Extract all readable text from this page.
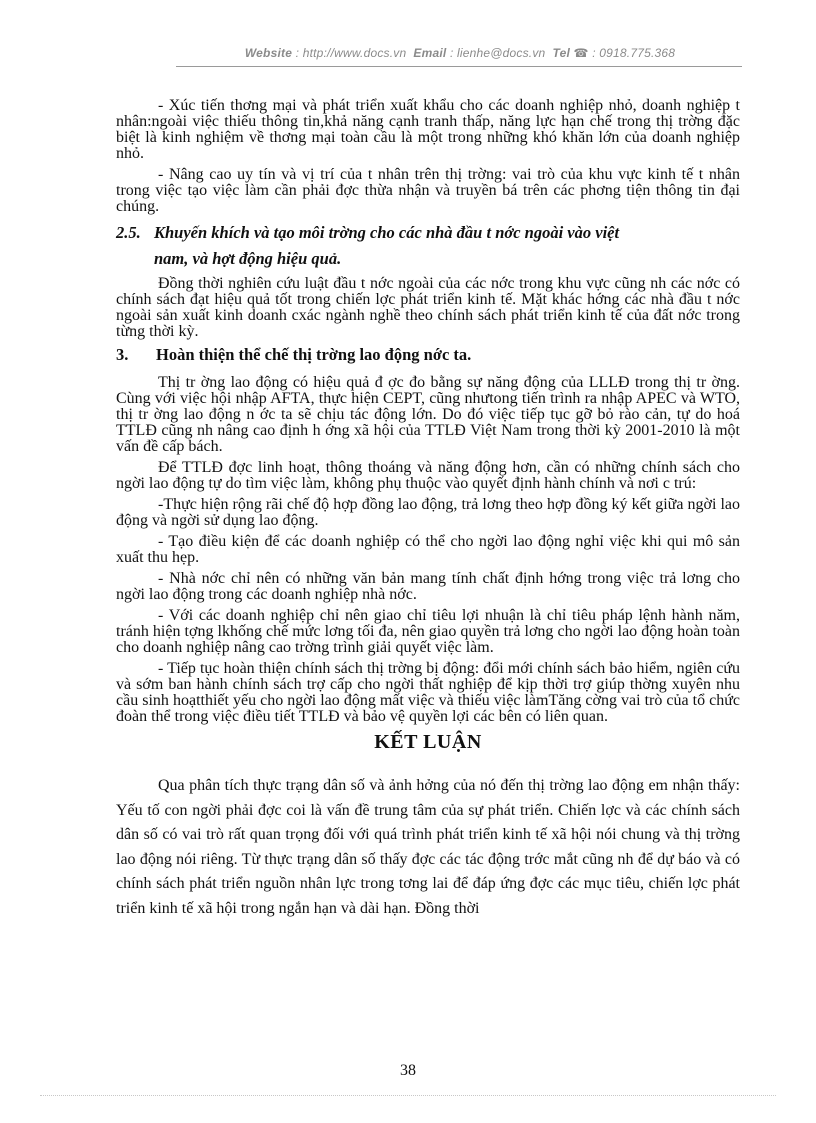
Website : http://www.docs.vn Email : lienhe@docs.vn Tel ☎ : 0918.775.368

- Xúc tiến thơng mại và phát triển xuất khẩu cho các doanh nghiệp nhỏ, doanh nghiệp t nhân:ngoài việc thiếu thông tin,khả năng cạnh tranh thấp, năng lực hạn chế trong thị trờng đặc biệt là kinh nghiệm về thơng mại toàn cầu là một trong những khó khăn lớn của doanh nghiệp nhỏ.

- Nâng cao uy tín và vị trí của t nhân trên thị trờng: vai trò của khu vực kinh tế t nhân trong việc tạo việc làm cần phải đợc thừa nhận và truyền bá trên các phơng tiện thông tin đại chúng.

2.5. Khuyến khích và tạo môi trờng cho các nhà đầu t nớc ngoài vào việt
nam, và hợt động hiệu quả.

Đồng thời nghiên cứu luật đầu t nớc ngoài của các nớc trong khu vực cũng nh các nớc có chính sách đạt hiệu quả tốt trong chiến lợc phát triển kinh tế. Mặt khác hớng các nhà đầu t nớc ngoài sản xuất kinh doanh cxác ngành nghề theo chính sách phát triển kinh tế của đất nớc trong từng thời kỳ.

3. Hoàn thiện thể chế thị trờng lao động nớc ta.

Thị tr ờng lao động có hiệu quả đ ợc đo bằng sự năng động của LLLĐ trong thị tr ờng. Cùng với việc hội nhập AFTA, thực hiện CEPT, cũng nhưtong tiến trình ra nhập APEC và WTO, thị tr ờng lao động n ớc ta sẽ chịu tác động lớn. Do đó việc tiếp tục gỡ bỏ rào cản, tự do hoá TTLĐ cũng nh nâng cao định h ớng xã hội của TTLĐ Việt Nam trong thời kỳ 2001-2010 là một vấn đề cấp bách.

Để TTLĐ đợc linh hoạt, thông thoáng và năng động hơn, cần có những chính sách cho ngời lao động tự do tìm việc làm, không phụ thuộc vào quyết định hành chính và nơi c trú:

-Thực hiện rộng rãi chế độ hợp đồng lao động, trả lơng theo hợp đồng ký kết giữa ngời lao động và ngời sử dụng lao động.

- Tạo điều kiện để các doanh nghiệp có thể cho ngời lao động nghỉ việc khi qui mô sản xuất thu hẹp.

- Nhà nớc chỉ nên có những văn bản mang tính chất định hớng trong việc trả lơng cho ngời lao động trong các doanh nghiệp nhà nớc.

- Với các doanh nghiệp chỉ nên giao chỉ tiêu lợi nhuận là chỉ tiêu pháp lệnh hành năm, tránh hiện tợng lkhống chế mức lơng tối đa, nên giao quyền trả lơng cho ngời lao động hoàn toàn cho doanh nghiệp nâng cao trờng trình giải quyết việc làm.

- Tiếp tục hoàn thiện chính sách thị trờng bị động: đổi mới chính sách bảo hiểm, ngiên cứu và sớm ban hành chính sách trợ cấp cho ngời thất nghiệp để kịp thời trợ giúp thờng xuyên nhu cầu sinh hoạtthiết yếu cho ngời lao động mất việc và thiếu việc làmTăng cờng vai trò của tổ chức đoàn thể trong việc điều tiết TTLĐ và bảo vệ quyền lợi các bên có liên quan.

KẾT LUẬN

Qua phân tích thực trạng dân số và ảnh hởng của nó đến thị trờng lao động em nhận thấy: Yếu tố con ngời phải đợc coi là vấn đề trung tâm của sự phát triển. Chiến lợc và các chính sách dân số có vai trò rất quan trọng đối với quá trình phát triển kinh tế xã hội nói chung và thị trờng lao động nói riêng. Từ thực trạng dân số thấy đợc các tác động trớc mắt cũng nh để dự báo và có chính sách phát triển nguồn nhân lực trong tơng lai để đáp ứng đợc các mục tiêu, chiến lợc phát triển kinh tế xã hội trong ngắn hạn và dài hạn. Đồng thời

38
